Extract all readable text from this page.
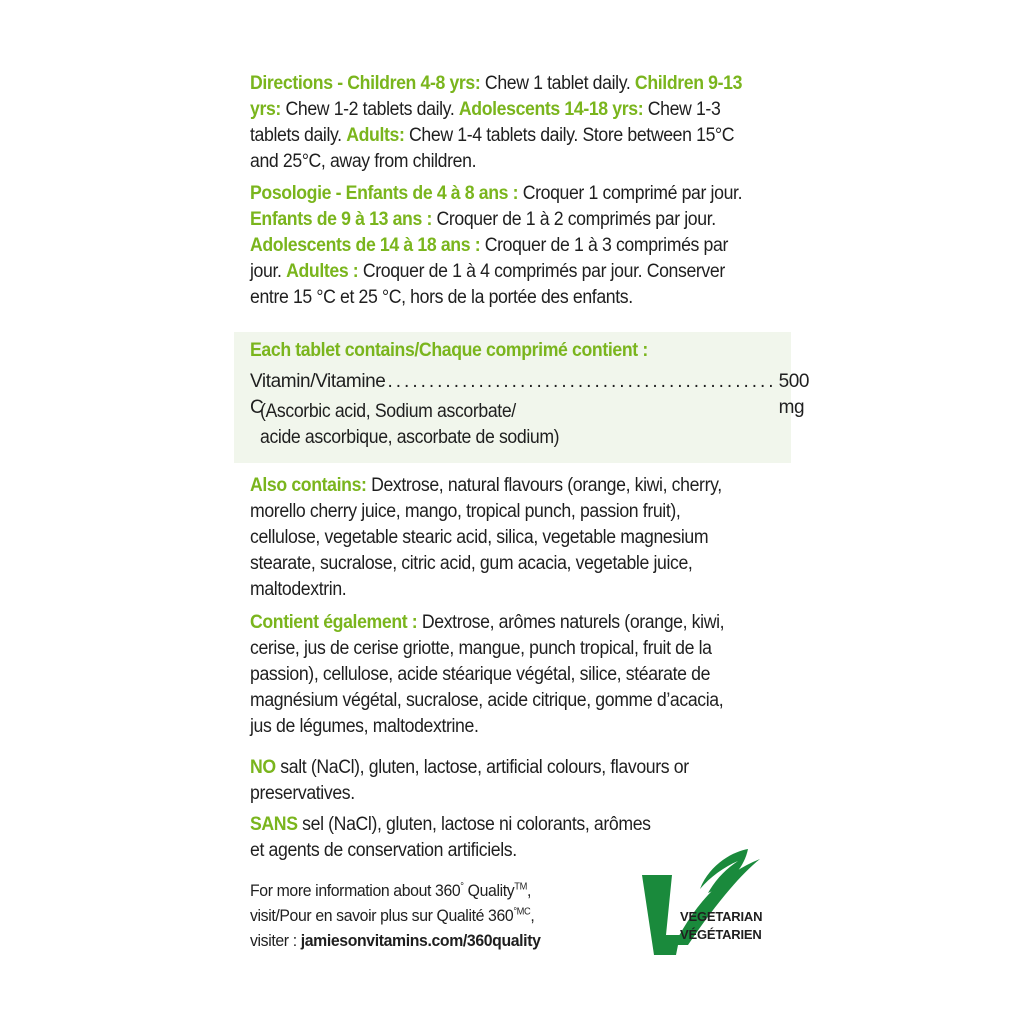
Directions - Children 4-8 yrs: Chew 1 tablet daily. Children 9-13 yrs: Chew 1-2 tablets daily. Adolescents 14-18 yrs: Chew 1-3 tablets daily. Adults: Chew 1-4 tablets daily. Store between 15°C and 25°C, away from children.
Posologie - Enfants de 4 à 8 ans : Croquer 1 comprimé par jour. Enfants de 9 à 13 ans : Croquer de 1 à 2 comprimés par jour. Adolescents de 14 à 18 ans : Croquer de 1 à 3 comprimés par jour. Adultes : Croquer de 1 à 4 comprimés par jour. Conserver entre 15 °C et 25 °C, hors de la portée des enfants.
Each tablet contains/Chaque comprimé contient :
Vitamin/Vitamine C
............................................... 500 mg
(Ascorbic acid, Sodium ascorbate/
acide ascorbique, ascorbate de sodium)
Also contains: Dextrose, natural flavours (orange, kiwi, cherry, morello cherry juice, mango, tropical punch, passion fruit), cellulose, vegetable stearic acid, silica, vegetable magnesium stearate, sucralose, citric acid, gum acacia, vegetable juice, maltodextrin.
Contient également : Dextrose, arômes naturels (orange, kiwi, cerise, jus de cerise griotte, mangue, punch tropical, fruit de la passion), cellulose, acide stéarique végétal, silice, stéarate de magnésium végétal, sucralose, acide citrique, gomme d’acacia, jus de légumes, maltodextrine.
NO salt (NaCl), gluten, lactose, artificial colours, flavours or preservatives.
SANS sel (NaCl), gluten, lactose ni colorants, arômes
et agents de conservation artificiels.
For more information about 360° Quality™,
visit/Pour en savoir plus sur Qualité $360^{^\circ MC}$,
visiter : jamiesonvitamins.com/360quality
VEGETARIAN
VÉGÉTARIEN
